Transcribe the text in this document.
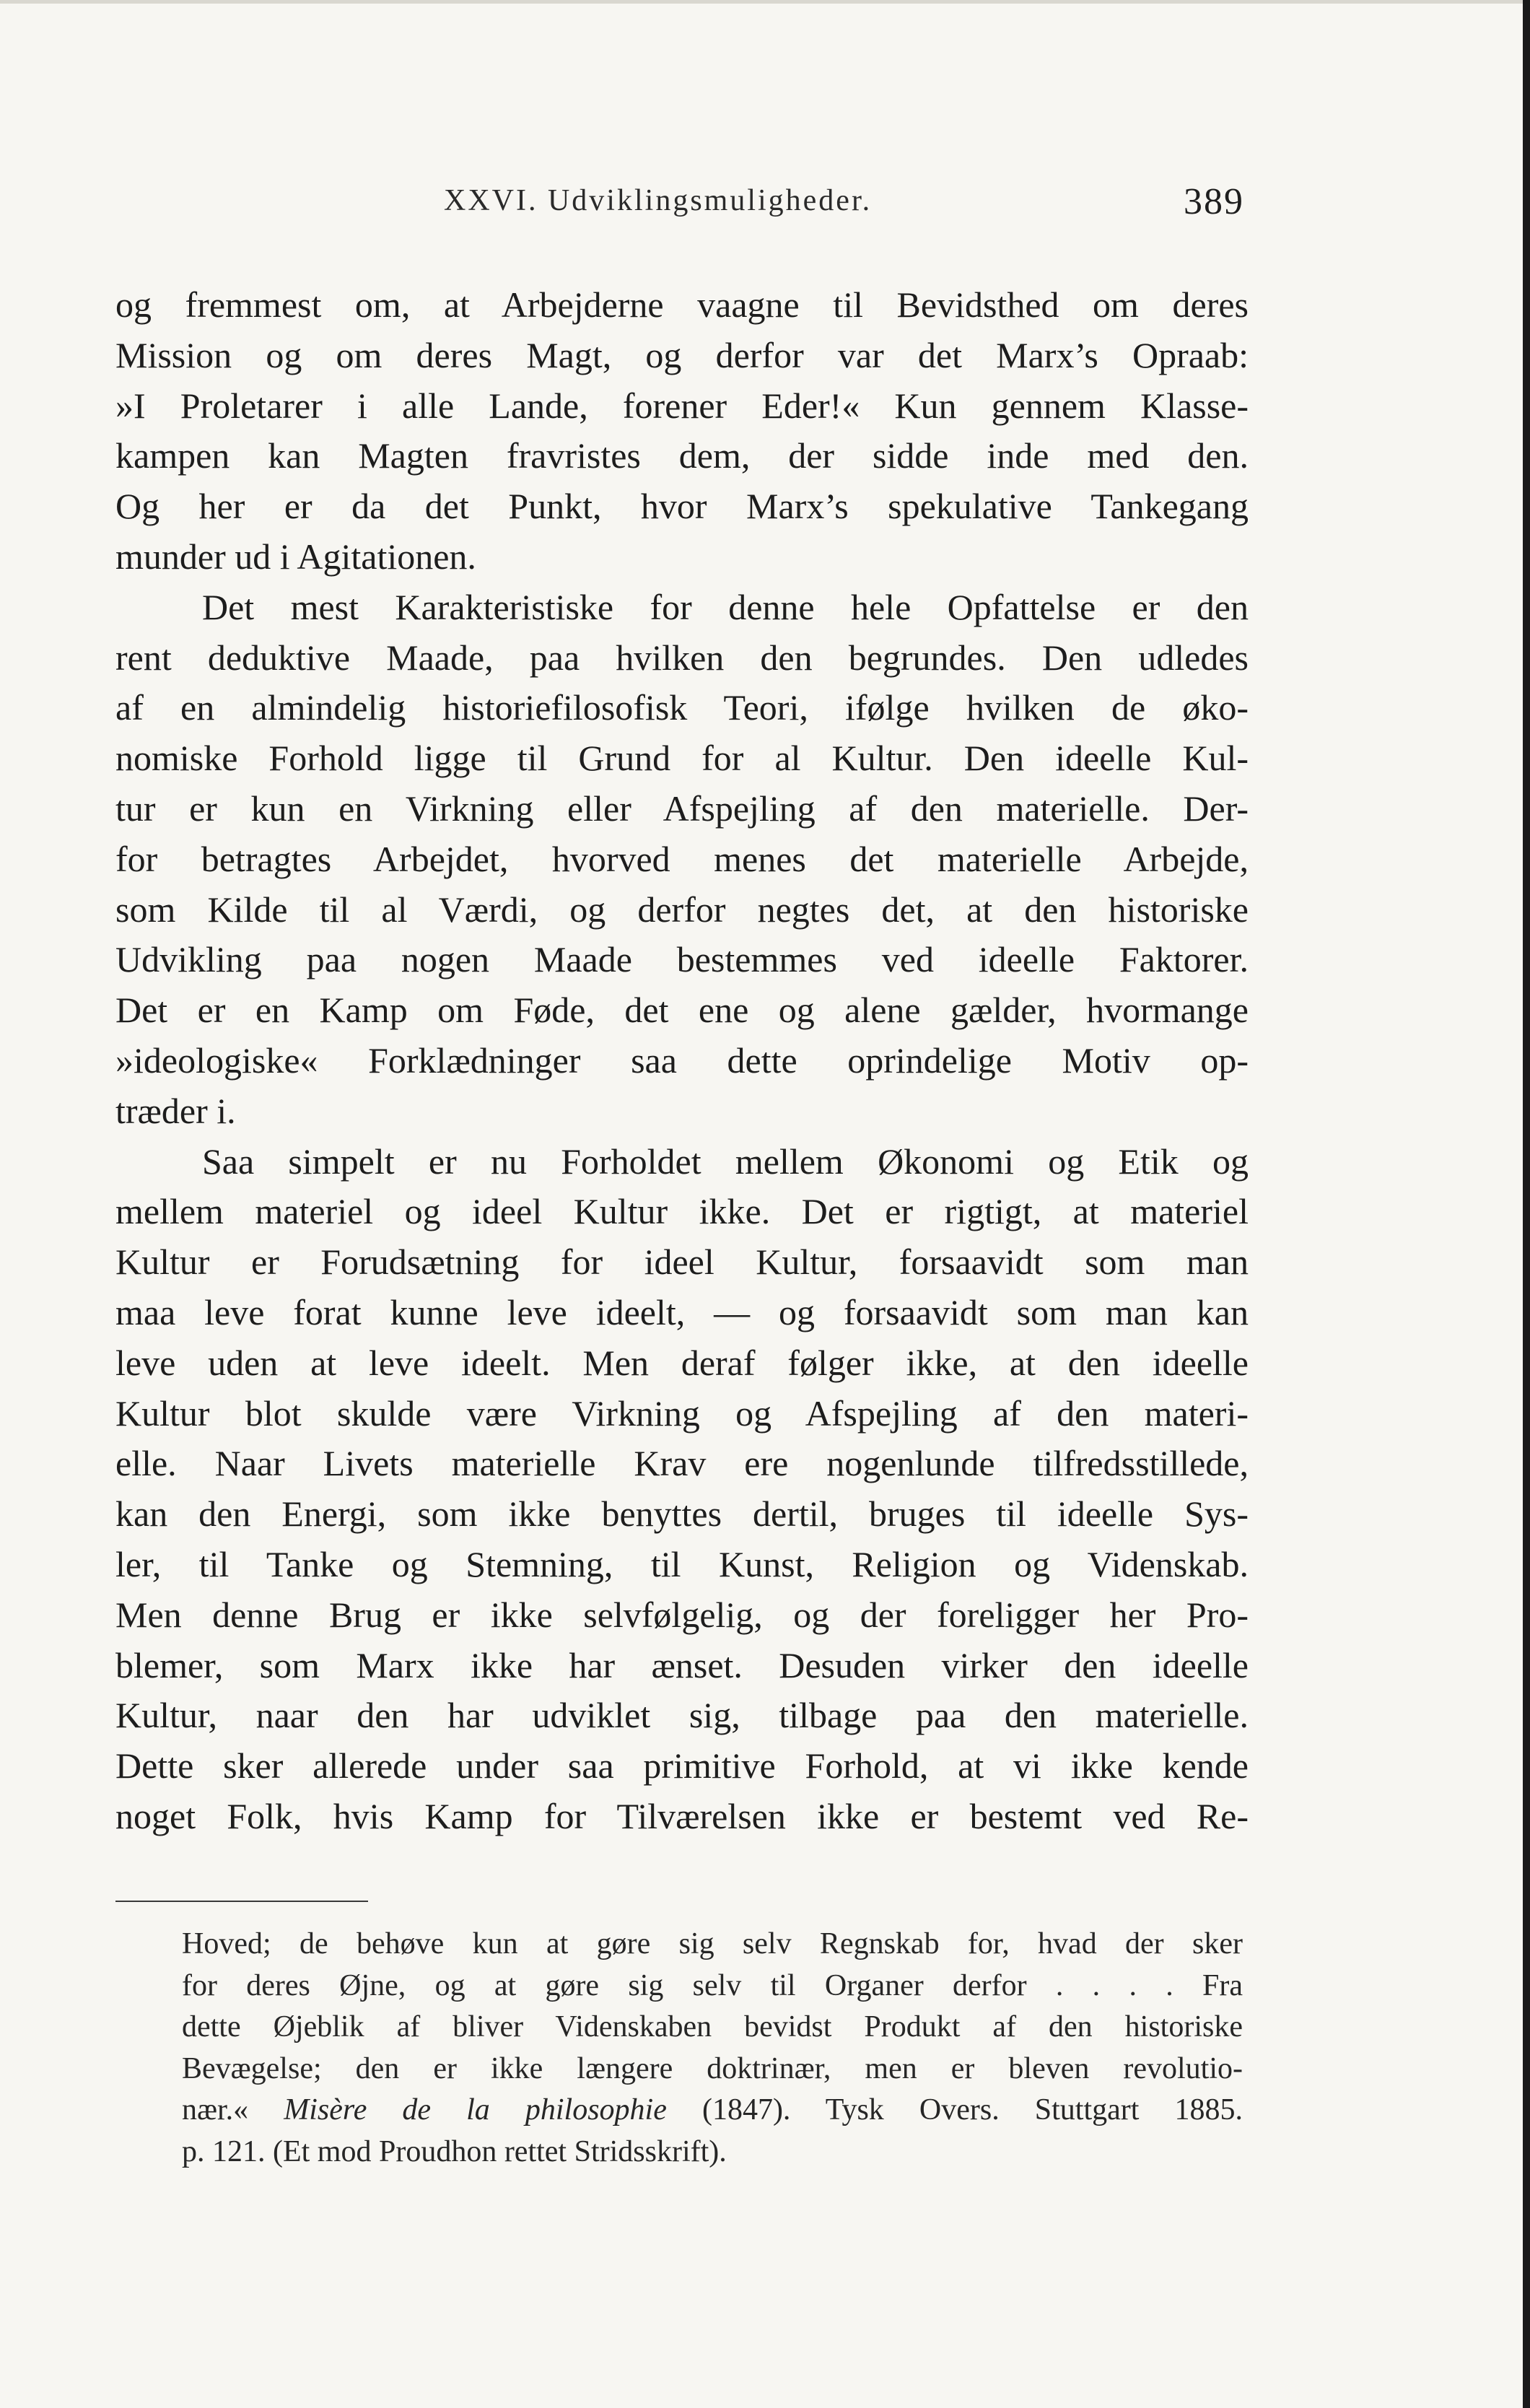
XXVI. Udviklingsmuligheder.	389
og fremmest om, at Arbejderne vaagne til Bevidsthed om deres
Mission og om deres Magt, og derfor var det Marx’s Opraab:
»I Proletarer i alle Lande, forener Eder!« Kun gennem Klasse-
kampen kan Magten fravristes dem, der sidde inde med den.
Og her er da det Punkt, hvor Marx’s spekulative Tankegang
munder ud i Agitationen.
Det mest Karakteristiske for denne hele Opfattelse er den
rent deduktive Maade, paa hvilken den begrundes. Den udledes
af en almindelig historiefilosofisk Teori, ifølge hvilken de øko-
nomiske Forhold ligge til Grund for al Kultur. Den ideelle Kul-
tur er kun en Virkning eller Afspejling af den materielle. Der-
for betragtes Arbejdet, hvorved menes det materielle Arbejde,
som Kilde til al Værdi, og derfor negtes det, at den historiske
Udvikling paa nogen Maade bestemmes ved ideelle Faktorer.
Det er en Kamp om Føde, det ene og alene gælder, hvormange
»ideologiske« Forklædninger saa dette oprindelige Motiv op-
træder i.
Saa simpelt er nu Forholdet mellem Økonomi og Etik og
mellem materiel og ideel Kultur ikke. Det er rigtigt, at materiel
Kultur er Forudsætning for ideel Kultur, forsaavidt som man
maa leve forat kunne leve ideelt, — og forsaavidt som man kan
leve uden at leve ideelt. Men deraf følger ikke, at den ideelle
Kultur blot skulde være Virkning og Afspejling af den materi-
elle. Naar Livets materielle Krav ere nogenlunde tilfredsstillede,
kan den Energi, som ikke benyttes dertil, bruges til ideelle Sys-
ler, til Tanke og Stemning, til Kunst, Religion og Videnskab.
Men denne Brug er ikke selvfølgelig, og der foreligger her Pro-
blemer, som Marx ikke har ænset. Desuden virker den ideelle
Kultur, naar den har udviklet sig, tilbage paa den materielle.
Dette sker allerede under saa primitive Forhold, at vi ikke kende
noget Folk, hvis Kamp for Tilværelsen ikke er bestemt ved Re-
Hoved; de behøve kun at gøre sig selv Regnskab for, hvad der sker
for deres Øjne, og at gøre sig selv til Organer derfor . . . . Fra
dette Øjeblik af bliver Videnskaben bevidst Produkt af den historiske
Bevægelse; den er ikke længere doktrinær, men er bleven revolutio-
nær.« Misère de la philosophie (1847). Tysk Overs. Stuttgart 1885.
p. 121. (Et mod Proudhon rettet Stridsskrift).
